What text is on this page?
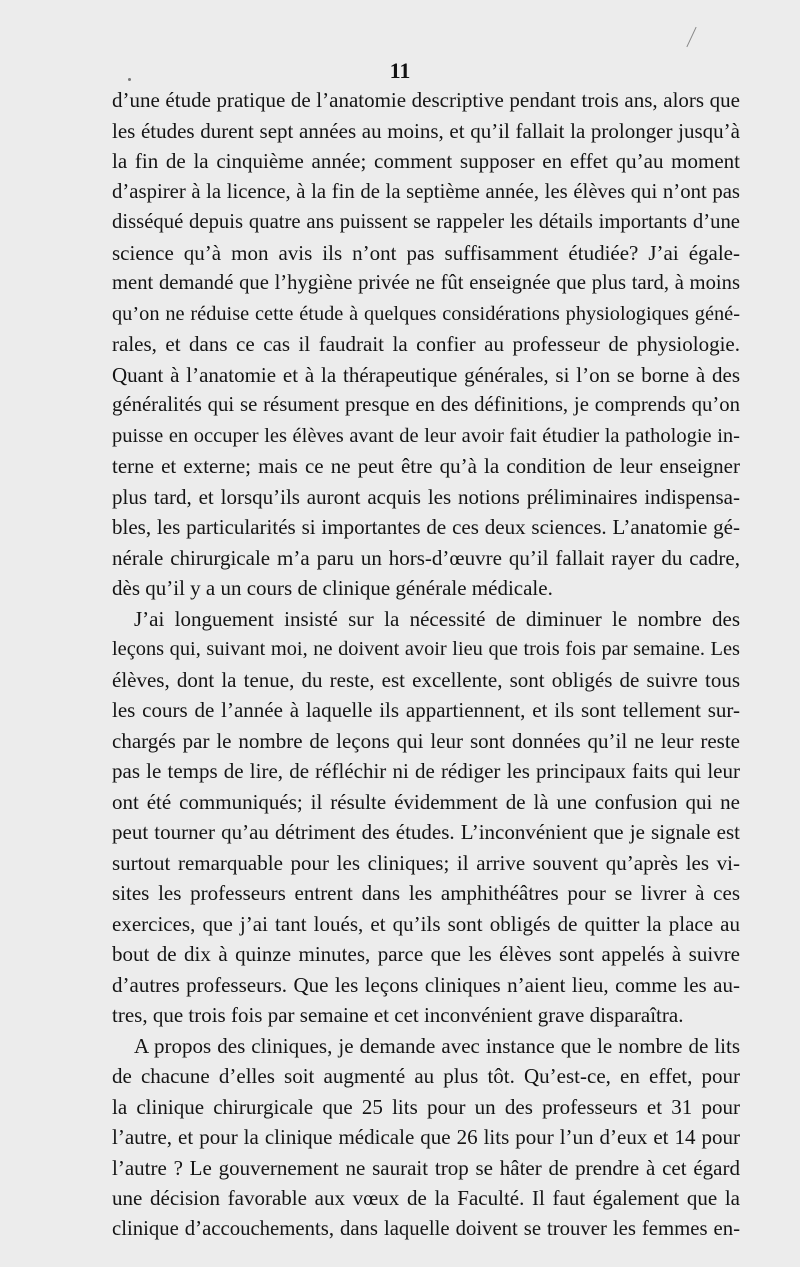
11
d’une étude pratique de l’anatomie descriptive pendant trois ans, alors que
les études durent sept années au moins, et qu’il fallait la prolonger jusqu’à
la fin de la cinquième année; comment supposer en effet qu’au moment
d’aspirer à la licence, à la fin de la septième année, les élèves qui n’ont pas
disséqué depuis quatre ans puissent se rappeler les détails importants d’une
science qu’à mon avis ils n’ont pas suffisamment étudiée? J’ai égale-
ment demandé que l’hygiène privée ne fût enseignée que plus tard, à moins
qu’on ne réduise cette étude à quelques considérations physiologiques géné-
rales, et dans ce cas il faudrait la confier au professeur de physiologie.
Quant à l’anatomie et à la thérapeutique générales, si l’on se borne à des
généralités qui se résument presque en des définitions, je comprends qu’on
puisse en occuper les élèves avant de leur avoir fait étudier la pathologie in-
terne et externe; mais ce ne peut être qu’à la condition de leur enseigner
plus tard, et lorsqu’ils auront acquis les notions préliminaires indispensa-
bles, les particularités si importantes de ces deux sciences. L’anatomie gé-
nérale chirurgicale m’a paru un hors-d’œuvre qu’il fallait rayer du cadre,
dès qu’il y a un cours de clinique générale médicale.
J’ai longuement insisté sur la nécessité de diminuer le nombre des
leçons qui, suivant moi, ne doivent avoir lieu que trois fois par semaine. Les
élèves, dont la tenue, du reste, est excellente, sont obligés de suivre tous
les cours de l’année à laquelle ils appartiennent, et ils sont tellement sur-
chargés par le nombre de leçons qui leur sont données qu’il ne leur reste
pas le temps de lire, de réfléchir ni de rédiger les principaux faits qui leur
ont été communiqués; il résulte évidemment de là une confusion qui ne
peut tourner qu’au détriment des études. L’inconvénient que je signale est
surtout remarquable pour les cliniques; il arrive souvent qu’après les vi-
sites les professeurs entrent dans les amphithéâtres pour se livrer à ces
exercices, que j’ai tant loués, et qu’ils sont obligés de quitter la place au
bout de dix à quinze minutes, parce que les élèves sont appelés à suivre
d’autres professeurs. Que les leçons cliniques n’aient lieu, comme les au-
tres, que trois fois par semaine et cet inconvénient grave disparaîtra.
A propos des cliniques, je demande avec instance que le nombre de lits
de chacune d’elles soit augmenté au plus tôt. Qu’est-ce, en effet, pour
la clinique chirurgicale que 25 lits pour un des professeurs et 31 pour
l’autre, et pour la clinique médicale que 26 lits pour l’un d’eux et 14 pour
l’autre ? Le gouvernement ne saurait trop se hâter de prendre à cet égard
une décision favorable aux vœux de la Faculté. Il faut également que la
clinique d’accouchements, dans laquelle doivent se trouver les femmes en-
